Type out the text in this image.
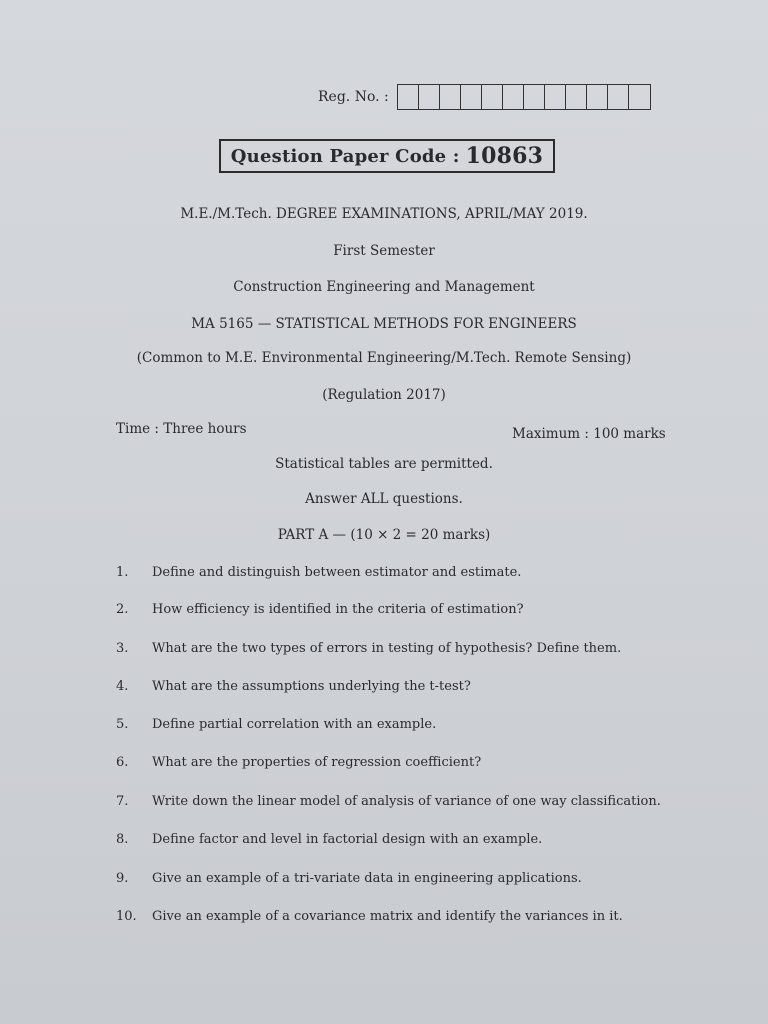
Reg. No. :
Question Paper Code : 10863
M.E./M.Tech. DEGREE EXAMINATIONS, APRIL/MAY 2019.
First Semester
Construction Engineering and Management
MA 5165 — STATISTICAL METHODS FOR ENGINEERS
(Common to M.E. Environmental Engineering/M.Tech. Remote Sensing)
(Regulation 2017)
Time : Three hours	Maximum : 100 marks
Statistical tables are permitted.
Answer ALL questions.
PART A — (10 × 2 = 20 marks)
1.	Define and distinguish between estimator and estimate.
2.	How efficiency is identified in the criteria of estimation?
3.	What are the two types of errors in testing of hypothesis? Define them.
4.	What are the assumptions underlying the t-test?
5.	Define partial correlation with an example.
6.	What are the properties of regression coefficient?
7.	Write down the linear model of analysis of variance of one way classification.
8.	Define factor and level in factorial design with an example.
9.	Give an example of a tri-variate data in engineering applications.
10.	Give an example of a covariance matrix and identify the variances in it.
